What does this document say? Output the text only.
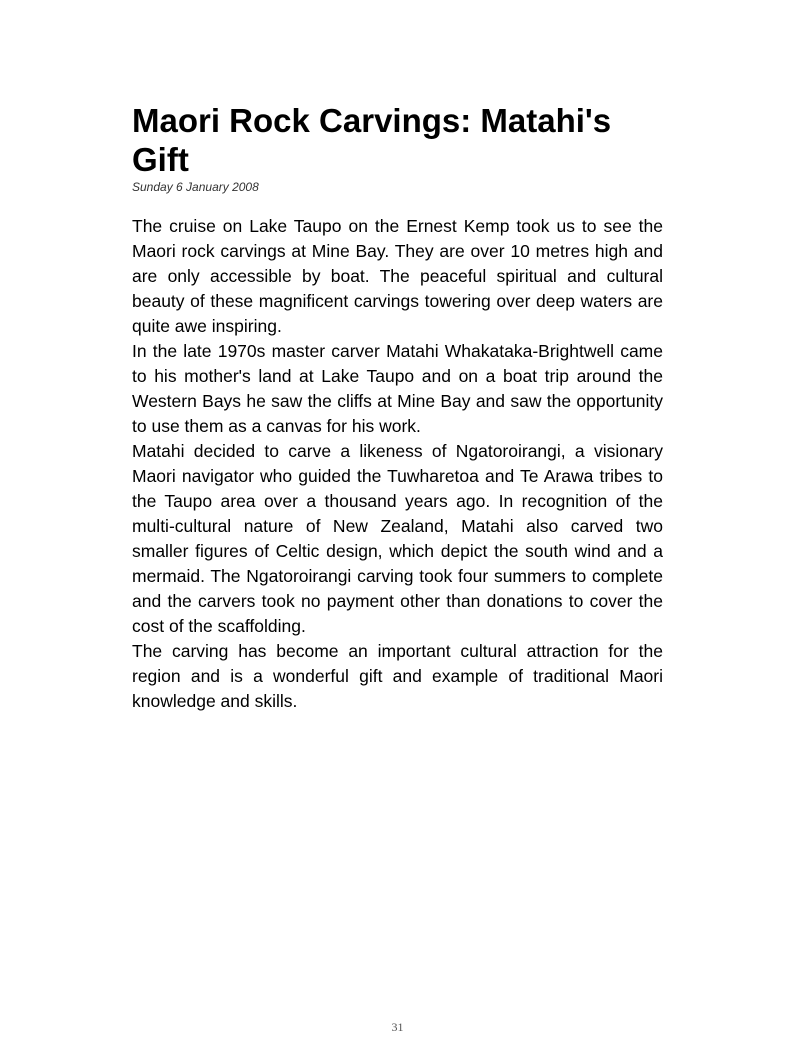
Maori Rock Carvings: Matahi's Gift
Sunday 6 January 2008

The cruise on Lake Taupo on the Ernest Kemp took us to see the Maori rock carvings at Mine Bay. They are over 10 metres high and are only accessible by boat. The peaceful spiritual and cultural beauty of these magnificent carvings towering over deep waters are quite awe inspiring.

In the late 1970s master carver Matahi Whakataka-Brightwell came to his mother's land at Lake Taupo and on a boat trip around the Western Bays he saw the cliffs at Mine Bay and saw the opportunity to use them as a canvas for his work.

Matahi decided to carve a likeness of Ngatoroirangi, a visionary Maori navigator who guided the Tuwharetoa and Te Arawa tribes to the Taupo area over a thousand years ago. In recognition of the multi-cultural nature of New Zealand, Matahi also carved two smaller figures of Celtic design, which depict the south wind and a mermaid. The Ngatoroirangi carving took four summers to complete and the carvers took no payment other than donations to cover the cost of the scaffolding.

The carving has become an important cultural attraction for the region and is a wonderful gift and example of traditional Maori knowledge and skills.

31
